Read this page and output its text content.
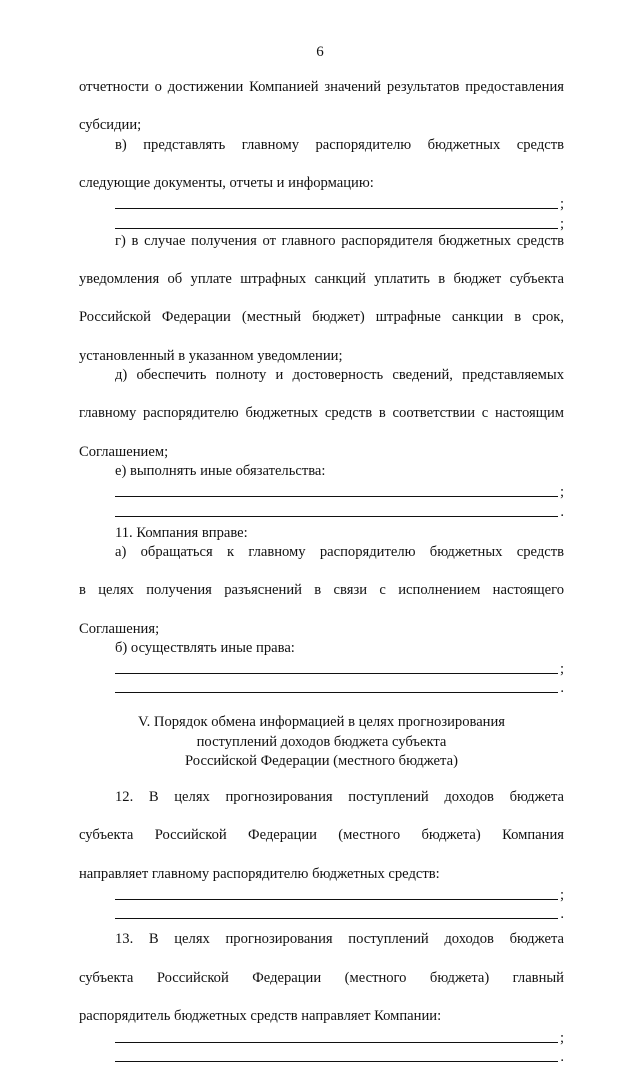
6
отчетности о достижении Компанией значений результатов предоставления
субсидии;
в) представлять главному распорядителю бюджетных средств
следующие документы, отчеты и информацию:
;
;
г) в случае получения от главного распорядителя бюджетных средств
уведомления об уплате штрафных санкций уплатить в бюджет субъекта
Российской Федерации (местный бюджет) штрафные санкции в срок,
установленный в указанном уведомлении;
д) обеспечить полноту и достоверность сведений, представляемых
главному распорядителю бюджетных средств в соответствии с настоящим
Соглашением;
е) выполнять иные обязательства:
;
.
11. Компания вправе:
а) обращаться к главному распорядителю бюджетных средств
в целях получения разъяснений в связи с исполнением настоящего
Соглашения;
б) осуществлять иные права:
;
.
V. Порядок обмена информацией в целях прогнозирования
поступлений доходов бюджета субъекта
Российской Федерации (местного бюджета)
12. В целях прогнозирования поступлений доходов бюджета
субъекта Российской Федерации (местного бюджета) Компания
направляет главному распорядителю бюджетных средств:
;
.
13. В целях прогнозирования поступлений доходов бюджета
субъекта Российской Федерации (местного бюджета) главный
распорядитель бюджетных средств направляет Компании:
;
.
